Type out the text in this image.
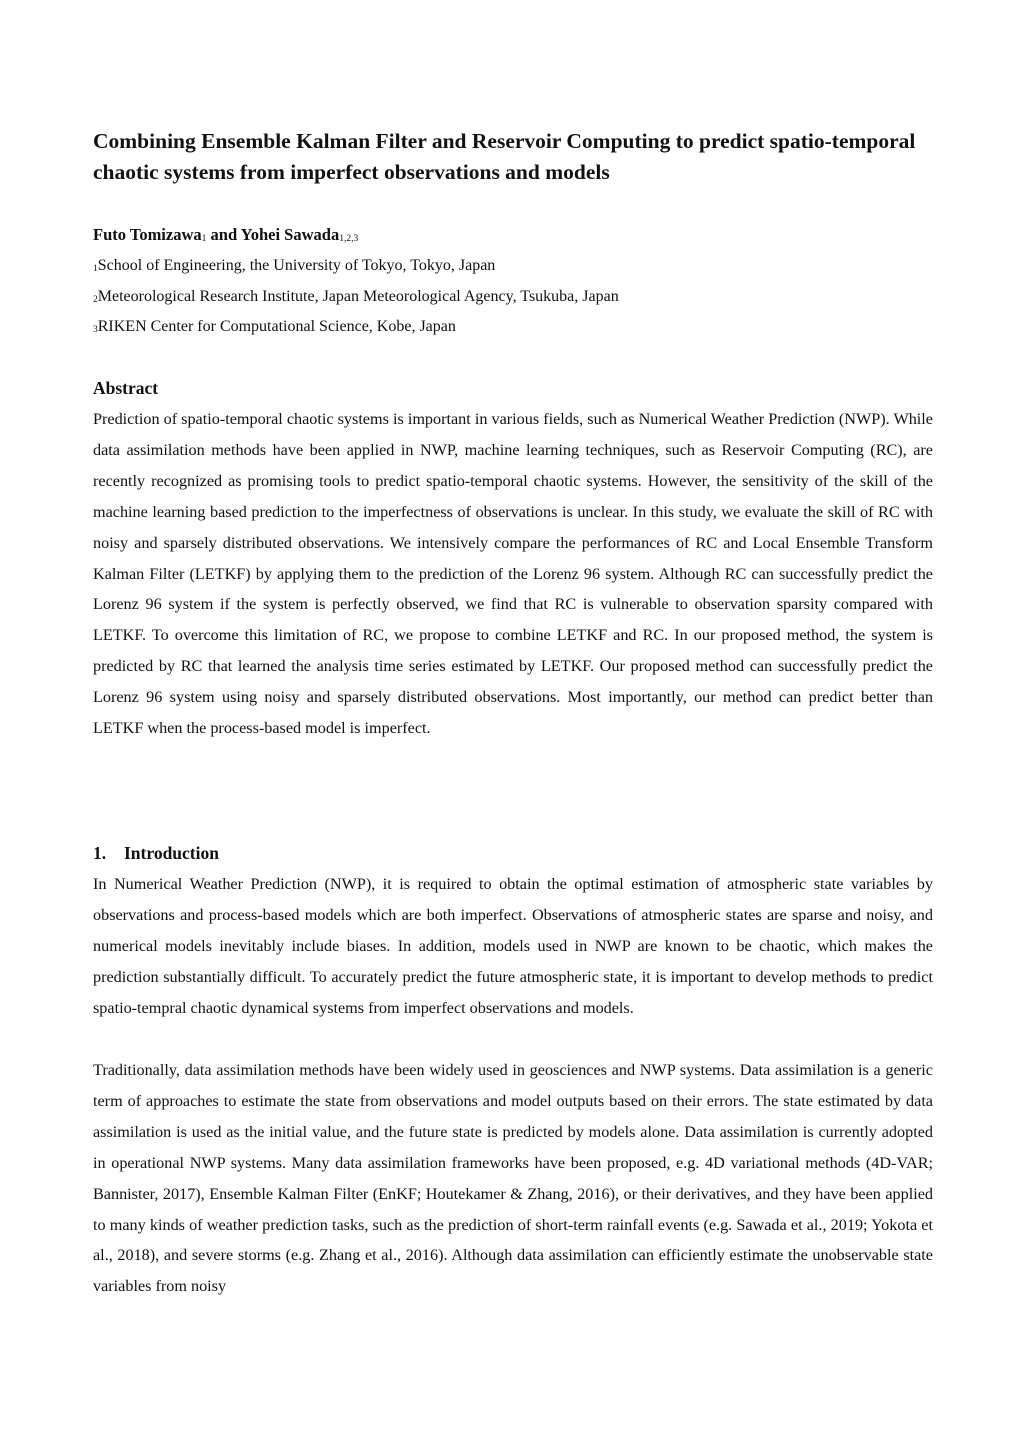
Combining Ensemble Kalman Filter and Reservoir Computing to predict spatio-temporal chaotic systems from imperfect observations and models
Futo Tomizawa$_1$ and Yohei Sawada$_{1,2,3}$
$_1$School of Engineering, the University of Tokyo, Tokyo, Japan
$_2$Meteorological Research Institute, Japan Meteorological Agency, Tsukuba, Japan
$_3$RIKEN Center for Computational Science, Kobe, Japan
Abstract
Prediction of spatio-temporal chaotic systems is important in various fields, such as Numerical Weather Prediction (NWP). While data assimilation methods have been applied in NWP, machine learning techniques, such as Reservoir Computing (RC), are recently recognized as promising tools to predict spatio-temporal chaotic systems. However, the sensitivity of the skill of the machine learning based prediction to the imperfectness of observations is unclear. In this study, we evaluate the skill of RC with noisy and sparsely distributed observations. We intensively compare the performances of RC and Local Ensemble Transform Kalman Filter (LETKF) by applying them to the prediction of the Lorenz 96 system. Although RC can successfully predict the Lorenz 96 system if the system is perfectly observed, we find that RC is vulnerable to observation sparsity compared with LETKF. To overcome this limitation of RC, we propose to combine LETKF and RC. In our proposed method, the system is predicted by RC that learned the analysis time series estimated by LETKF. Our proposed method can successfully predict the Lorenz 96 system using noisy and sparsely distributed observations. Most importantly, our method can predict better than LETKF when the process-based model is imperfect.
1. Introduction
In Numerical Weather Prediction (NWP), it is required to obtain the optimal estimation of atmospheric state variables by observations and process-based models which are both imperfect. Observations of atmospheric states are sparse and noisy, and numerical models inevitably include biases. In addition, models used in NWP are known to be chaotic, which makes the prediction substantially difficult. To accurately predict the future atmospheric state, it is important to develop methods to predict spatio-tempral chaotic dynamical systems from imperfect observations and models.
Traditionally, data assimilation methods have been widely used in geosciences and NWP systems. Data assimilation is a generic term of approaches to estimate the state from observations and model outputs based on their errors. The state estimated by data assimilation is used as the initial value, and the future state is predicted by models alone. Data assimilation is currently adopted in operational NWP systems. Many data assimilation frameworks have been proposed, e.g. 4D variational methods (4D-VAR; Bannister, 2017), Ensemble Kalman Filter (EnKF; Houtekamer & Zhang, 2016), or their derivatives, and they have been applied to many kinds of weather prediction tasks, such as the prediction of short-term rainfall events (e.g. Sawada et al., 2019; Yokota et al., 2018), and severe storms (e.g. Zhang et al., 2016). Although data assimilation can efficiently estimate the unobservable state variables from noisy
